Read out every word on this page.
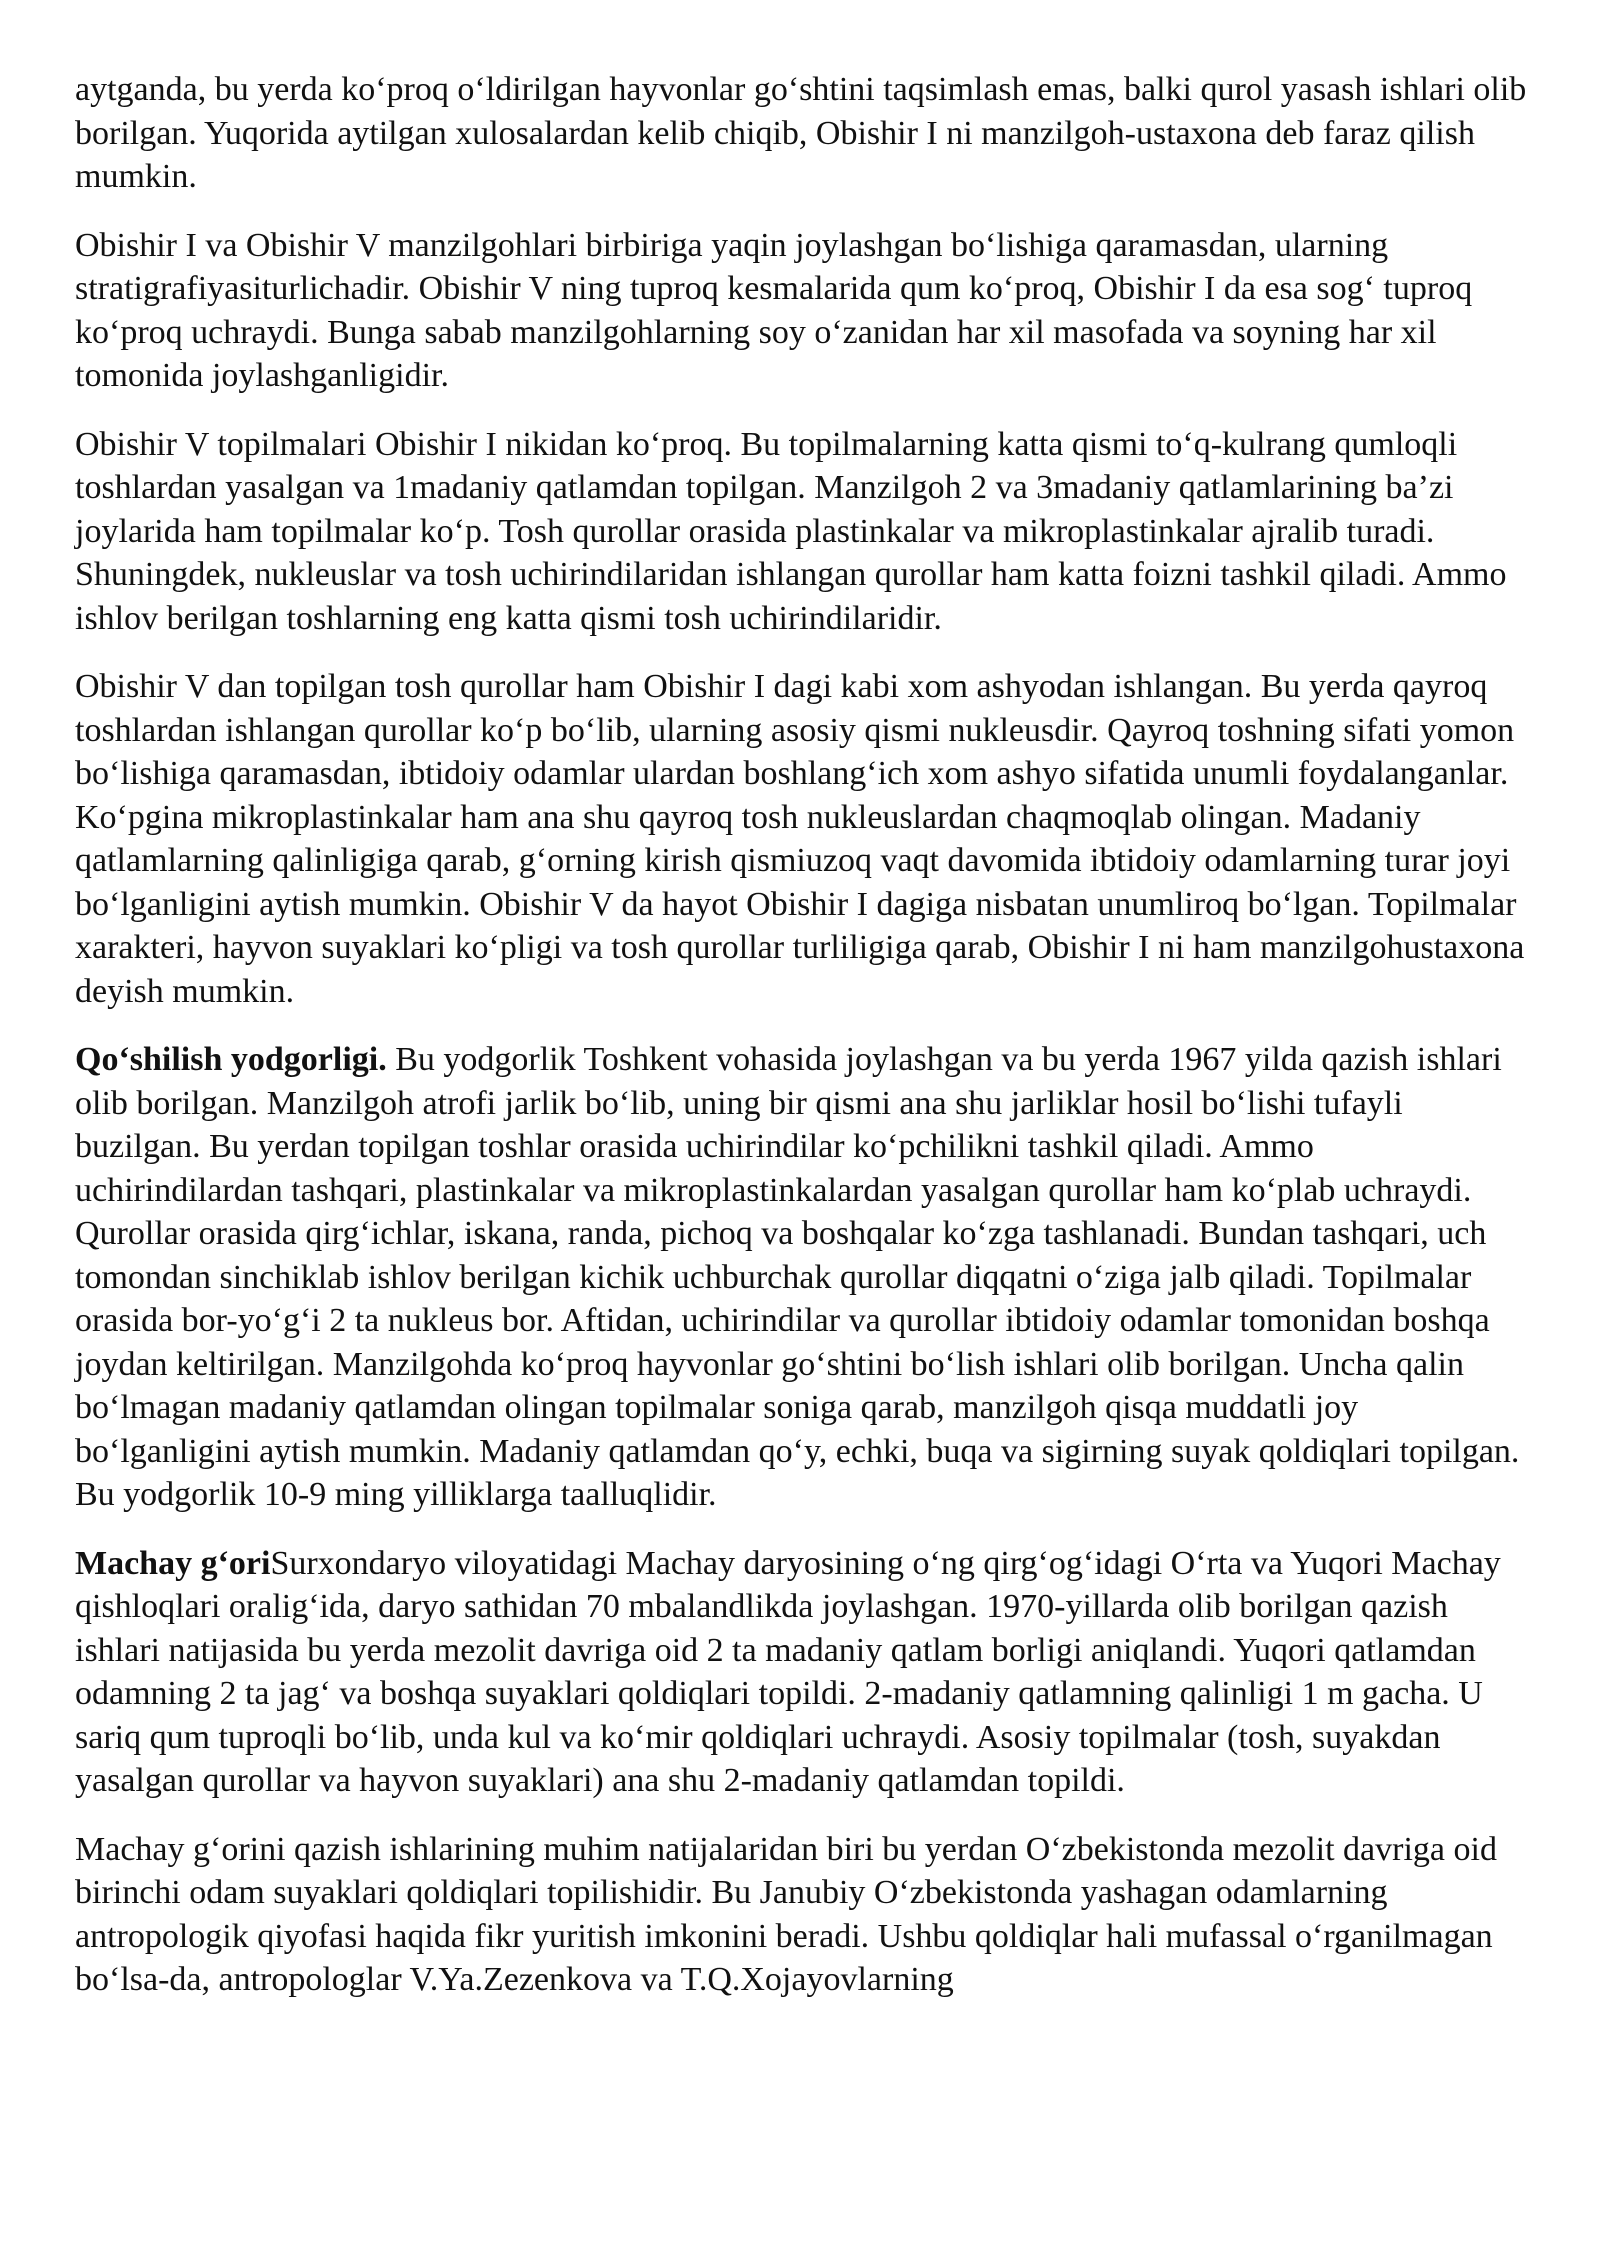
aytganda, bu yerda ko‘proq o‘ldirilgan hayvonlar go‘shtini taqsimlash emas, balki qurol yasash ishlari olib borilgan. Yuqorida aytilgan xulosalardan kelib chiqib, Obishir I ni manzilgoh-ustaxona deb faraz qilish mumkin.

Obishir I va Obishir V manzilgohlari birbiriga yaqin joylashgan bo‘lishiga qaramasdan, ularning stratigrafiyasiturlichadir. Obishir V ning tuproq kesmalarida qum ko‘proq, Obishir I da esa sog‘ tuproq ko‘proq uchraydi. Bunga sabab manzilgohlarning soy o‘zanidan har xil masofada va soyning har xil tomonida joylashganligidir.

Obishir V topilmalari Obishir I nikidan ko‘proq. Bu topilmalarning katta qismi to‘q-kulrang qumloqli toshlardan yasalgan va 1madaniy qatlamdan topilgan. Manzilgoh 2 va 3madaniy qatlamlarining ba’zi joylarida ham topilmalar ko‘p. Tosh qurollar orasida plastinkalar va mikroplastinkalar ajralib turadi. Shuningdek, nukleuslar va tosh uchirindilaridan ishlangan qurollar ham katta foizni tashkil qiladi. Ammo ishlov berilgan toshlarning eng katta qismi tosh uchirindilaridir.

Obishir V dan topilgan tosh qurollar ham Obishir I dagi kabi xom ashyodan ishlangan. Bu yerda qayroq toshlardan ishlangan qurollar ko‘p bo‘lib, ularning asosiy qismi nukleusdir. Qayroq toshning sifati yomon bo‘lishiga qaramasdan, ibtidoiy odamlar ulardan boshlang‘ich xom ashyo sifatida unumli foydalanganlar. Ko‘pgina mikroplastinkalar ham ana shu qayroq tosh nukleuslardan chaqmoqlab olingan. Madaniy qatlamlarning qalinligiga qarab, g‘orning kirish qismiuzoq vaqt davomida ibtidoiy odamlarning turar joyi bo‘lganligini aytish mumkin. Obishir V da hayot Obishir I dagiga nisbatan unumliroq bo‘lgan. Topilmalar xarakteri, hayvon suyaklari ko‘pligi va tosh qurollar turliligiga qarab, Obishir I ni ham manzilgohustaxona deyish mumkin.

Qo‘shilish yodgorligi. Bu yodgorlik Toshkent vohasida joylashgan va bu yerda 1967 yilda qazish ishlari olib borilgan. Manzilgoh atrofi jarlik bo‘lib, uning bir qismi ana shu jarliklar hosil bo‘lishi tufayli buzilgan. Bu yerdan topilgan toshlar orasida uchirindilar ko‘pchilikni tashkil qiladi. Ammo uchirindilardan tashqari, plastinkalar va mikroplastinkalardan yasalgan qurollar ham ko‘plab uchraydi. Qurollar orasida qirg‘ichlar, iskana, randa, pichoq va boshqalar ko‘zga tashlanadi. Bundan tashqari, uch tomondan sinchiklab ishlov berilgan kichik uchburchak qurollar diqqatni o‘ziga jalb qiladi. Topilmalar orasida bor-yo‘g‘i 2 ta nukleus bor. Aftidan, uchirindilar va qurollar ibtidoiy odamlar tomonidan boshqa joydan keltirilgan. Manzilgohda ko‘proq hayvonlar go‘shtini bo‘lish ishlari olib borilgan. Uncha qalin bo‘lmagan madaniy qatlamdan olingan topilmalar soniga qarab, manzilgoh qisqa muddatli joy bo‘lganligini aytish mumkin. Madaniy qatlamdan qo‘y, echki, buqa va sigirning suyak qoldiqlari topilgan. Bu yodgorlik 10-9 ming yilliklarga taalluqlidir.

Machay g‘oriSurxondaryo viloyatidagi Machay daryosining o‘ng qirg‘og‘idagi O‘rta va Yuqori Machay qishloqlari oralig‘ida, daryo sathidan 70 mbalandlikda joylashgan. 1970-yillarda olib borilgan qazish ishlari natijasida bu yerda mezolit davriga oid 2 ta madaniy qatlam borligi aniqlandi. Yuqori qatlamdan odamning 2 ta jag‘ va boshqa suyaklari qoldiqlari topildi. 2-madaniy qatlamning qalinligi 1 m gacha. U sariq qum tuproqli bo‘lib, unda kul va ko‘mir qoldiqlari uchraydi. Asosiy topilmalar (tosh, suyakdan yasalgan qurollar va hayvon suyaklari) ana shu 2-madaniy qatlamdan topildi.

Machay g‘orini qazish ishlarining muhim natijalaridan biri bu yerdan O‘zbekistonda mezolit davriga oid birinchi odam suyaklari qoldiqlari topilishidir. Bu Janubiy O‘zbekistonda yashagan odamlarning antropologik qiyofasi haqida fikr yuritish imkonini beradi. Ushbu qoldiqlar hali mufassal o‘rganilmagan bo‘lsa-da, antropologlar V.Ya.Zezenkova va T.Q.Xojayovlarning
